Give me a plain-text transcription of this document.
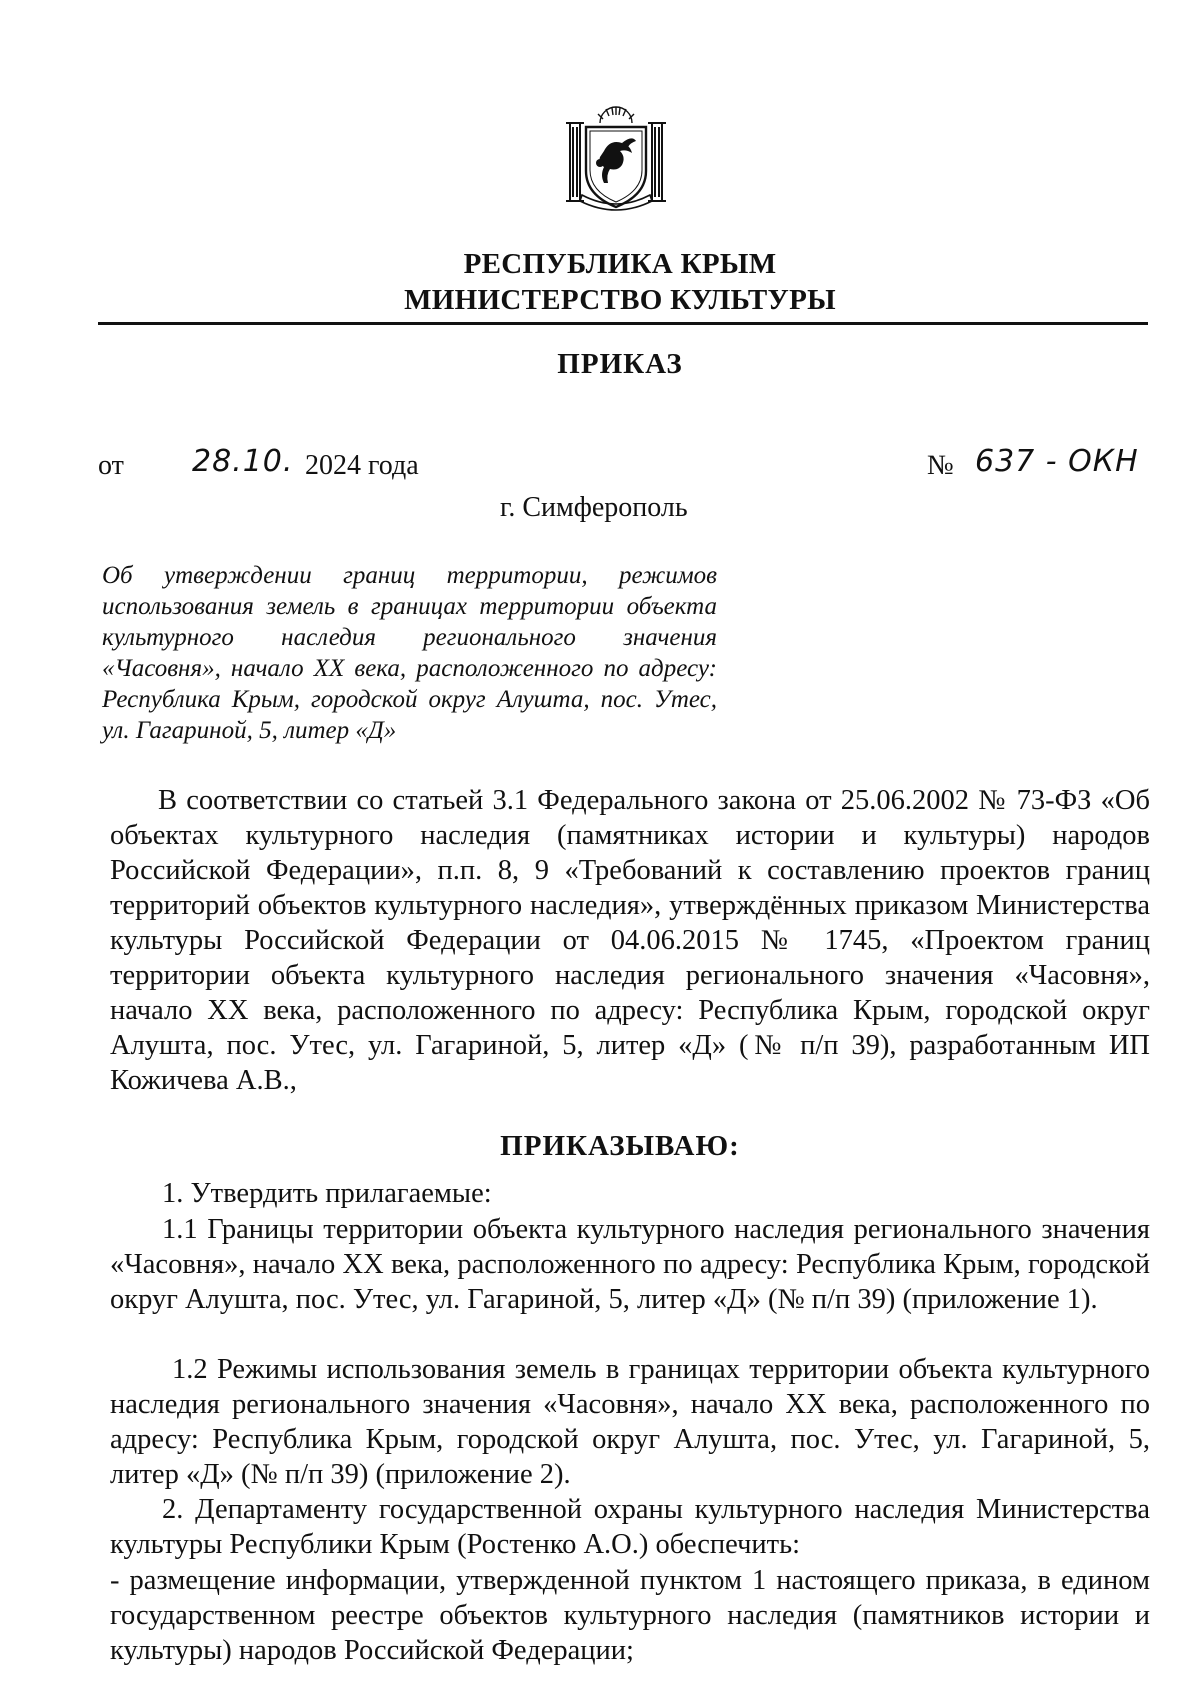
РЕСПУБЛИКА КРЫМ
МИНИСТЕРСТВО КУЛЬТУРЫ
ПРИКАЗ
от 28.10. 2024 года	№ 637 - ОКН
г. Симферополь
Об утверждении границ территории, режимов использования земель в границах территории объекта культурного наследия регионального значения «Часовня», начало XX века, расположенного по адресу: Республика Крым, городской округ Алушта, пос. Утес, ул. Гагариной, 5, литер «Д»
В соответствии со статьей 3.1 Федерального закона от 25.06.2002 № 73-ФЗ «Об объектах культурного наследия (памятниках истории и культуры) народов Российской Федерации», п.п. 8, 9 «Требований к составлению проектов границ территорий объектов культурного наследия», утверждённых приказом Министерства культуры Российской Федерации от 04.06.2015 № 1745, «Проектом границ территории объекта культурного наследия регионального значения «Часовня», начало XX века, расположенного по адресу: Республика Крым, городской округ Алушта, пос. Утес, ул. Гагариной, 5, литер «Д» (№ п/п 39), разработанным ИП Кожичева А.В.,
ПРИКАЗЫВАЮ:
1. Утвердить прилагаемые:
1.1 Границы территории объекта культурного наследия регионального значения «Часовня», начало XX века, расположенного по адресу: Республика Крым, городской округ Алушта, пос. Утес, ул. Гагариной, 5, литер «Д» (№ п/п 39) (приложение 1).
1.2 Режимы использования земель в границах территории объекта культурного наследия регионального значения «Часовня», начало XX века, расположенного по адресу: Республика Крым, городской округ Алушта, пос. Утес, ул. Гагариной, 5, литер «Д» (№ п/п 39) (приложение 2).
2. Департаменту государственной охраны культурного наследия Министерства культуры Республики Крым (Ростенко А.О.) обеспечить:
- размещение информации, утвержденной пунктом 1 настоящего приказа, в едином государственном реестре объектов культурного наследия (памятников истории и культуры) народов Российской Федерации;
